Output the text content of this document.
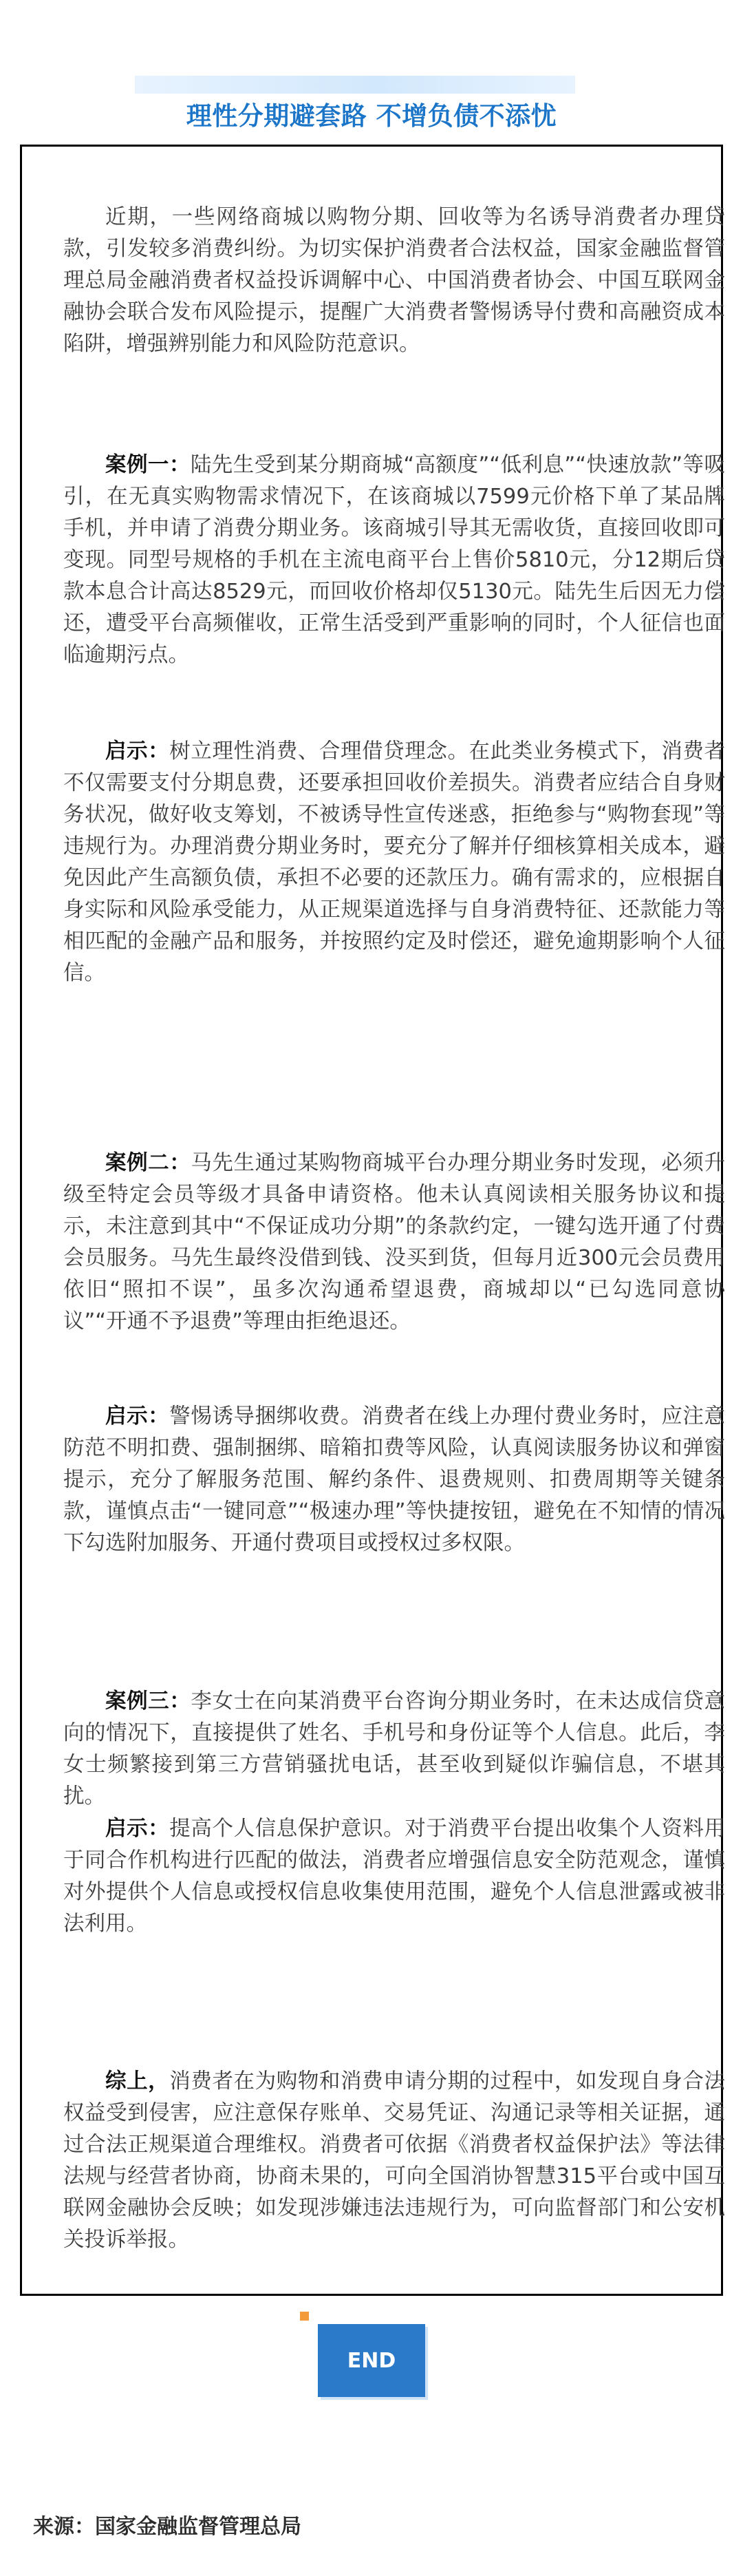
理性分期避套路 不增负债不添忧

近期，一些网络商城以购物分期、回收等为名诱导消费者办理贷款，引发较多消费纠纷。为切实保护消费者合法权益，国家金融监督管理总局金融消费者权益投诉调解中心、中国消费者协会、中国互联网金融协会联合发布风险提示，提醒广大消费者警惕诱导付费和高融资成本陷阱，增强辨别能力和风险防范意识。

案例一：陆先生受到某分期商城“高额度”“低利息”“快速放款”等吸引，在无真实购物需求情况下，在该商城以7599元价格下单了某品牌手机，并申请了消费分期业务。该商城引导其无需收货，直接回收即可变现。同型号规格的手机在主流电商平台上售价5810元，分12期后贷款本息合计高达8529元，而回收价格却仅5130元。陆先生后因无力偿还，遭受平台高频催收，正常生活受到严重影响的同时，个人征信也面临逾期污点。

启示：树立理性消费、合理借贷理念。在此类业务模式下，消费者不仅需要支付分期息费，还要承担回收价差损失。消费者应结合自身财务状况，做好收支筹划，不被诱导性宣传迷惑，拒绝参与“购物套现”等违规行为。办理消费分期业务时，要充分了解并仔细核算相关成本，避免因此产生高额负债，承担不必要的还款压力。确有需求的，应根据自身实际和风险承受能力，从正规渠道选择与自身消费特征、还款能力等相匹配的金融产品和服务，并按照约定及时偿还，避免逾期影响个人征信。

案例二：马先生通过某购物商城平台办理分期业务时发现，必须升级至特定会员等级才具备申请资格。他未认真阅读相关服务协议和提示，未注意到其中“不保证成功分期”的条款约定，一键勾选开通了付费会员服务。马先生最终没借到钱、没买到货，但每月近300元会员费用依旧“照扣不误”，虽多次沟通希望退费，商城却以“已勾选同意协议”“开通不予退费”等理由拒绝退还。

启示：警惕诱导捆绑收费。消费者在线上办理付费业务时，应注意防范不明扣费、强制捆绑、暗箱扣费等风险，认真阅读服务协议和弹窗提示，充分了解服务范围、解约条件、退费规则、扣费周期等关键条款，谨慎点击“一键同意”“极速办理”等快捷按钮，避免在不知情的情况下勾选附加服务、开通付费项目或授权过多权限。

案例三：李女士在向某消费平台咨询分期业务时，在未达成信贷意向的情况下，直接提供了姓名、手机号和身份证等个人信息。此后，李女士频繁接到第三方营销骚扰电话，甚至收到疑似诈骗信息，不堪其扰。

启示：提高个人信息保护意识。对于消费平台提出收集个人资料用于同合作机构进行匹配的做法，消费者应增强信息安全防范观念，谨慎对外提供个人信息或授权信息收集使用范围，避免个人信息泄露或被非法利用。

综上，消费者在为购物和消费申请分期的过程中，如发现自身合法权益受到侵害，应注意保存账单、交易凭证、沟通记录等相关证据，通过合法正规渠道合理维权。消费者可依据《消费者权益保护法》等法律法规与经营者协商，协商未果的，可向全国消协智慧315平台或中国互联网金融协会反映；如发现涉嫌违法违规行为，可向监督部门和公安机关投诉举报。

END
来源：国家金融监督管理总局
